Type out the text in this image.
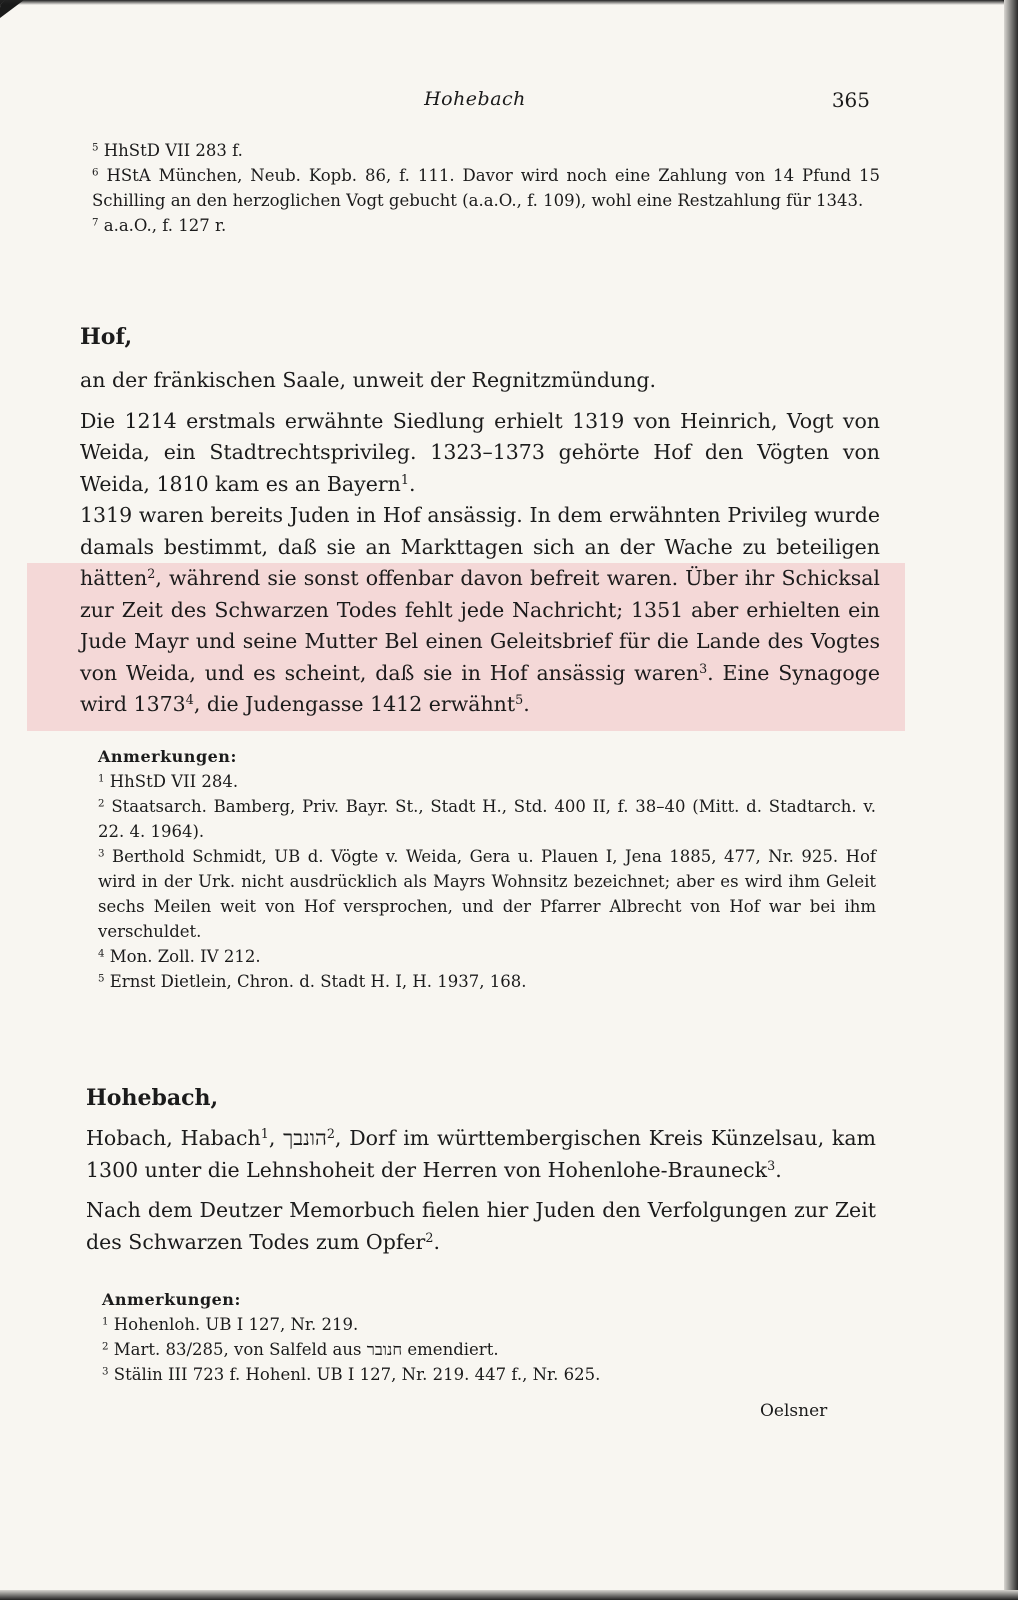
Hohebach	365

$^5$ HhStD VII 283 f.

$^6$ HStA München, Neub. Kopb. 86, f. 111. Davor wird noch eine Zahlung von 14 Pfund 15 Schilling an den herzoglichen Vogt gebucht (a.a.O., f. 109), wohl eine Restzahlung für 1343.

$^7$ a.a.O., f. 127 r.

Hof,

an der fränkischen Saale, unweit der Regnitzmündung.

Die 1214 erstmals erwähnte Siedlung erhielt 1319 von Heinrich, Vogt von Weida, ein Stadtrechtsprivileg. 1323–1373 gehörte Hof den Vögten von Weida, 1810 kam es an Bayern$^1$.

1319 waren bereits Juden in Hof ansässig. In dem erwähnten Privileg wurde damals bestimmt, daß sie an Markttagen sich an der Wache zu beteiligen hätten$^2$, während sie sonst offenbar davon befreit waren. Über ihr Schicksal zur Zeit des Schwarzen Todes fehlt jede Nachricht; 1351 aber erhielten ein Jude Mayr und seine Mutter Bel einen Geleitsbrief für die Lande des Vogtes von Weida, und es scheint, daß sie in Hof ansässig waren$^3$. Eine Synagoge wird 1373$^4$, die Judengasse 1412 erwähnt$^5$.

Anmerkungen:

$^1$ HhStD VII 284.

$^2$ Staatsarch. Bamberg, Priv. Bayr. St., Stadt H., Std. 400 II, f. 38–40 (Mitt. d. Stadtarch. v. 22. 4. 1964).

$^3$ Berthold Schmidt, UB d. Vögte v. Weida, Gera u. Plauen I, Jena 1885, 477, Nr. 925. Hof wird in der Urk. nicht ausdrücklich als Mayrs Wohnsitz bezeichnet; aber es wird ihm Geleit sechs Meilen weit von Hof versprochen, und der Pfarrer Albrecht von Hof war bei ihm verschuldet.

$^4$ Mon. Zoll. IV 212.

$^5$ Ernst Dietlein, Chron. d. Stadt H. I, H. 1937, 168.

Hohebach,

Hobach, Habach$^1$, הונבך$^2$, Dorf im württembergischen Kreis Künzelsau, kam 1300 unter die Lehnshoheit der Herren von Hohenlohe-Brauneck$^3$.

Nach dem Deutzer Memorbuch fielen hier Juden den Verfolgungen zur Zeit des Schwarzen Todes zum Opfer$^2$.

Anmerkungen:

$^1$ Hohenloh. UB I 127, Nr. 219.

$^2$ Mart. 83/285, von Salfeld aus חנובר emendiert.

$^3$ Stälin III 723 f. Hohenl. UB I 127, Nr. 219. 447 f., Nr. 625.

Oelsner
